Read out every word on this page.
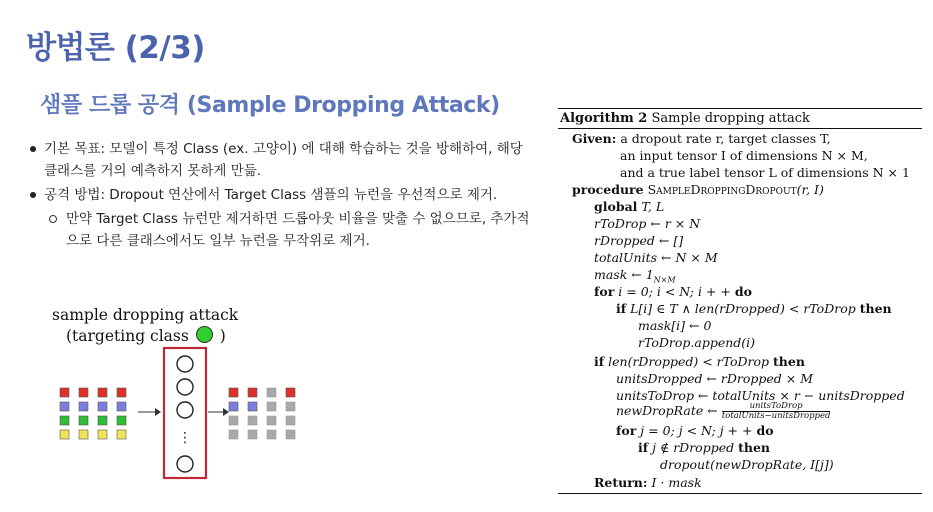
방법론 (2/3)
샘플 드롭 공격 (Sample Dropping Attack)
기본 목표: 모델이 특정 Class (ex. 고양이) 에 대해 학습하는 것을 방해하여, 해당
클래스를 거의 예측하지 못하게 만듦.
공격 방법: Dropout 연산에서 Target Class 샘플의 뉴런을 우선적으로 제거.
만약 Target Class 뉴런만 제거하면 드롭아웃 비율을 맞출 수 없으므로, 추가적
으로 다른 클래스에서도 일부 뉴런을 무작위로 제거.
sample dropping attack
(targeting class )
⋮
Algorithm 2 Sample dropping attack
Given: a dropout rate r, target classes T,
an input tensor I of dimensions N × M,
and a true label tensor L of dimensions N × 1
procedure SampleDroppingDropout(r, I)
global T, L
rToDrop ← r × N
rDropped ← []
totalUnits ← N × M
mask ← $1_{N\times M}$
for i = 0; i < N; i + + do
if L[i] ∈ T ∧ len(rDropped) < rToDrop then
mask[i] ← 0
rToDrop.append(i)
if len(rDropped) < rToDrop then
unitsDropped ← rDropped × M
unitsToDrop ← totalUnits × r − unitsDropped
newDropRate ← $\frac{\text{unitsToDrop}}{\text{totalUnits−unitsDropped}}$
for j = 0; j < N; j + + do
if j ∉ rDropped then
dropout(newDropRate, I[j])
Return: I · mask
